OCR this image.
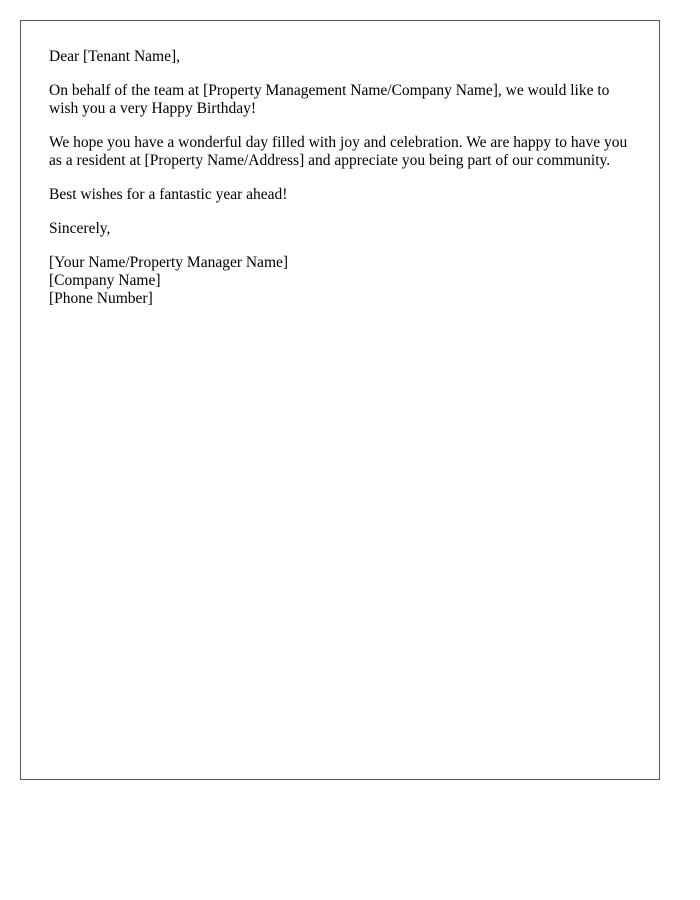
Dear [Tenant Name],

On behalf of the team at [Property Management Name/Company Name], we would like to wish you a very Happy Birthday!

We hope you have a wonderful day filled with joy and celebration. We are happy to have you as a resident at [Property Name/Address] and appreciate you being part of our community.

Best wishes for a fantastic year ahead!

Sincerely,

[Your Name/Property Manager Name]
[Company Name]
[Phone Number]
